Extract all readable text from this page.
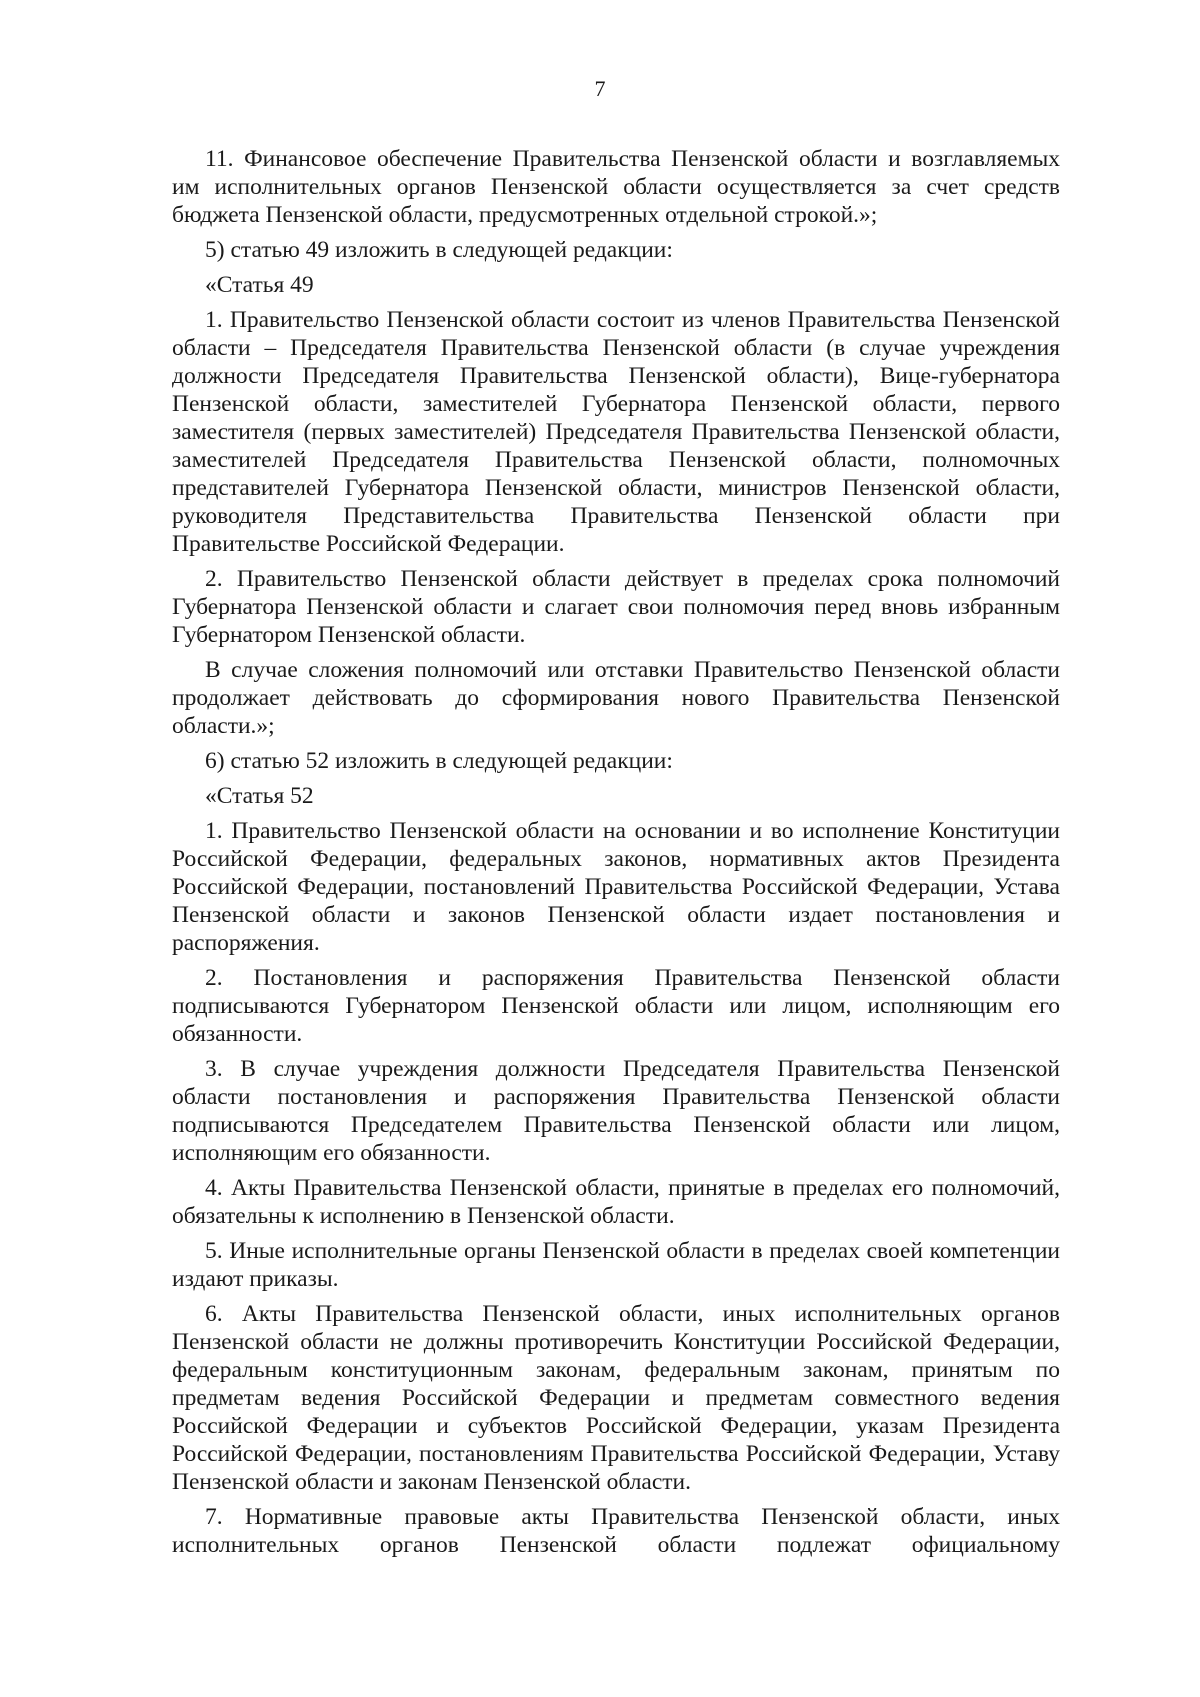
7

11. Финансовое обеспечение Правительства Пензенской области и возглавляемых им исполнительных органов Пензенской области осуществляется за счет средств бюджета Пензенской области, предусмотренных отдельной строкой.»;

5) статью 49 изложить в следующей редакции:

«Статья 49

1. Правительство Пензенской области состоит из членов Правительства Пензенской области – Председателя Правительства Пензенской области (в случае учреждения должности Председателя Правительства Пензенской области), Вице-губернатора Пензенской области, заместителей Губернатора Пензенской области, первого заместителя (первых заместителей) Председателя Правительства Пензенской области, заместителей Председателя Правительства Пензенской области, полномочных представителей Губернатора Пензенской области, министров Пензенской области, руководителя Представительства Правительства Пензенской области при Правительстве Российской Федерации.

2. Правительство Пензенской области действует в пределах срока полномочий Губернатора Пензенской области и слагает свои полномочия перед вновь избранным Губернатором Пензенской области.

В случае сложения полномочий или отставки Правительство Пензенской области продолжает действовать до сформирования нового Правительства Пензенской области.»;

6) статью 52 изложить в следующей редакции:

«Статья 52

1. Правительство Пензенской области на основании и во исполнение Конституции Российской Федерации, федеральных законов, нормативных актов Президента Российской Федерации, постановлений Правительства Российской Федерации, Устава Пензенской области и законов Пензенской области издает постановления и распоряжения.

2. Постановления и распоряжения Правительства Пензенской области подписываются Губернатором Пензенской области или лицом, исполняющим его обязанности.

3. В случае учреждения должности Председателя Правительства Пензенской области постановления и распоряжения Правительства Пензенской области подписываются Председателем Правительства Пензенской области или лицом, исполняющим его обязанности.

4. Акты Правительства Пензенской области, принятые в пределах его полномочий, обязательны к исполнению в Пензенской области.

5. Иные исполнительные органы Пензенской области в пределах своей компетенции издают приказы.

6. Акты Правительства Пензенской области, иных исполнительных органов Пензенской области не должны противоречить Конституции Российской Федерации, федеральным конституционным законам, федеральным законам, принятым по предметам ведения Российской Федерации и предметам совместного ведения Российской Федерации и субъектов Российской Федерации, указам Президента Российской Федерации, постановлениям Правительства Российской Федерации, Уставу Пензенской области и законам Пензенской области.

7. Нормативные правовые акты Правительства Пензенской области, иных исполнительных органов Пензенской области подлежат официальному
